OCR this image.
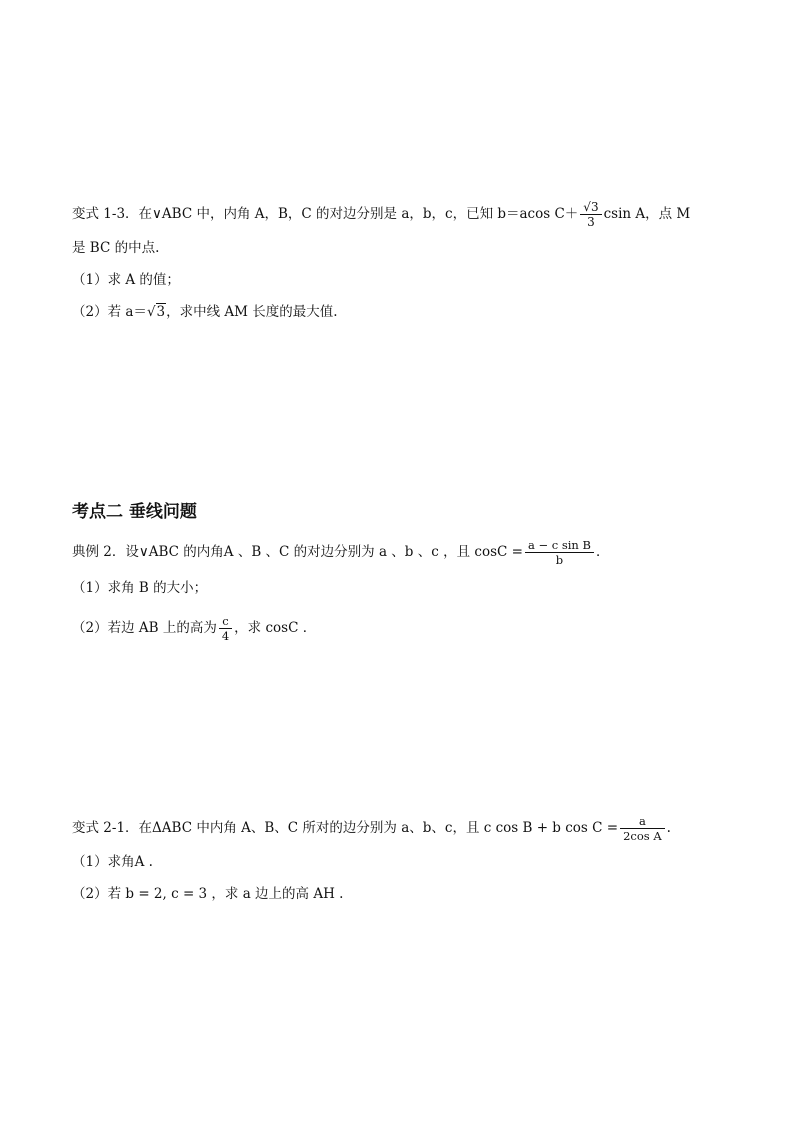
变式 1-3．在∨ABC 中，内角 A，B，C 的对边分别是 a，b，c，已知 b＝acos $C+ \frac{√3}{3}$ csin A，点 M
是 BC 的中点.
（1）求 A 的值；
（2）若 a＝√3，求中线 AM 长度的最大值.
考点二 垂线问题
典例 2．设∨ABC 的内角A 、B 、C 的对边分别为 a 、b 、c ，且 $\cos C = \frac{\text{a − c sin B}}{b}$ ．
（1）求角 B 的大小；
（2）若边 AB 上的高为 $\frac{c}{4}$ ，求 cosC ．
变式 2-1．在ΔABC 中内角 A、B、C 所对的边分别为 a、b、c，且 c cos B + b $\cos C = \frac{a}{\text{2cos A}}$ .
（1）求角A .
（2）若 b = 2, c = 3 ，求 a 边上的高 AH .
